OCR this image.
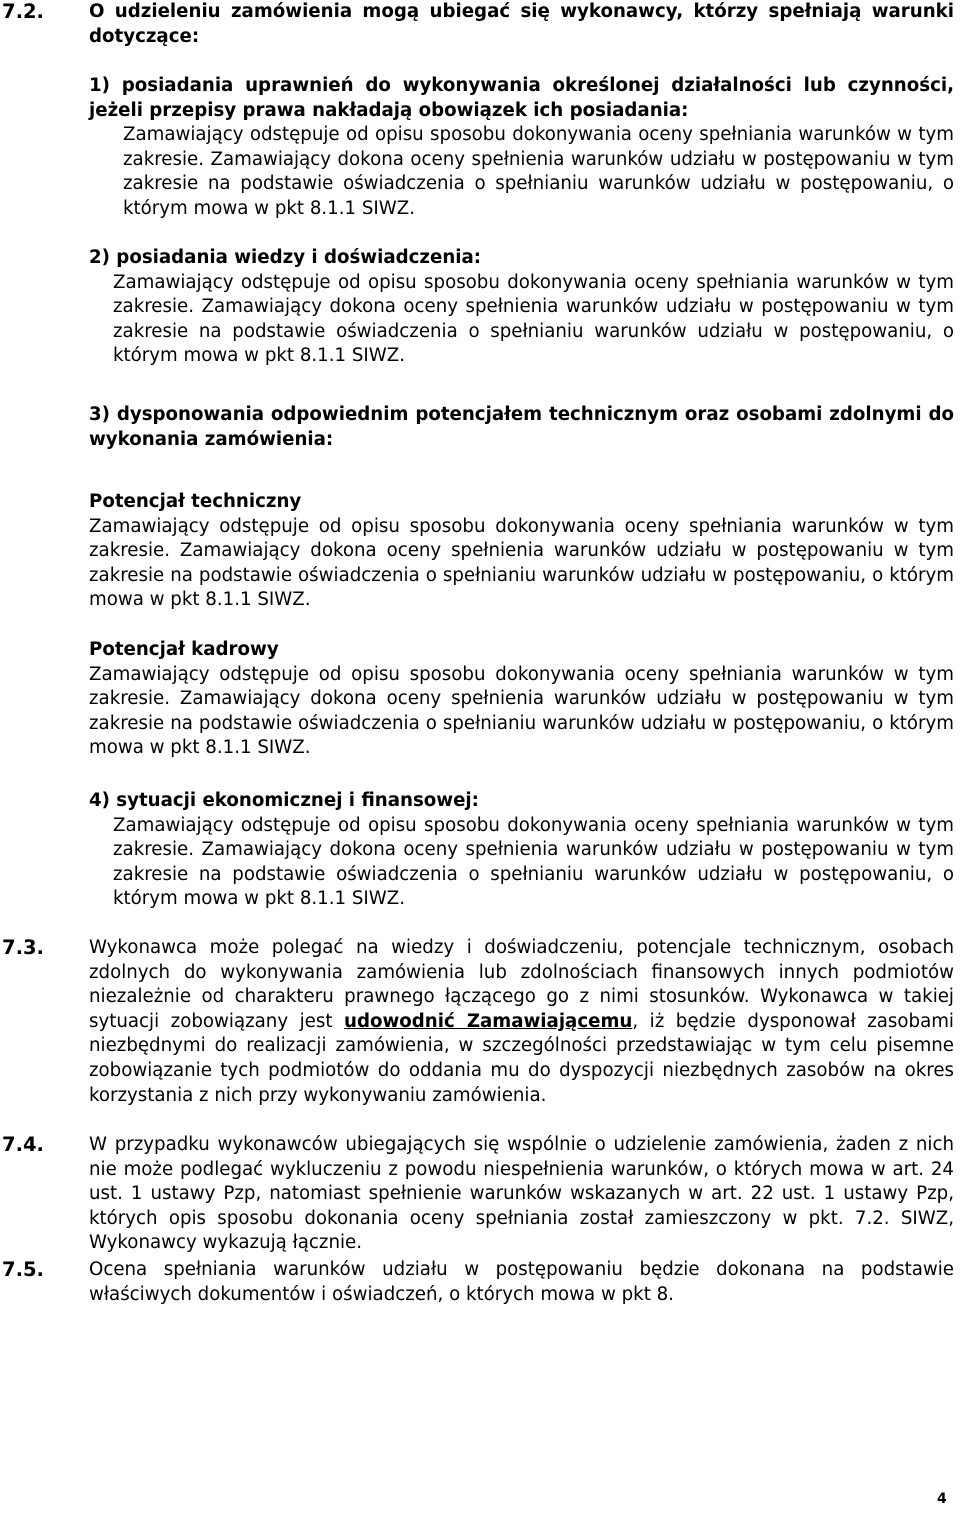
7.2. O udzieleniu zamówienia mogą ubiegać się wykonawcy, którzy spełniają warunki dotyczące:
1) posiadania uprawnień do wykonywania określonej działalności lub czynności, jeżeli przepisy prawa nakładają obowiązek ich posiadania:
Zamawiający odstępuje od opisu sposobu dokonywania oceny spełniania warunków w tym zakresie. Zamawiający dokona oceny spełnienia warunków udziału w postępowaniu w tym zakresie na podstawie oświadczenia o spełnianiu warunków udziału w postępowaniu, o którym mowa w pkt 8.1.1 SIWZ.
2) posiadania wiedzy i doświadczenia:
Zamawiający odstępuje od opisu sposobu dokonywania oceny spełniania warunków w tym zakresie. Zamawiający dokona oceny spełnienia warunków udziału w postępowaniu w tym zakresie na podstawie oświadczenia o spełnianiu warunków udziału w postępowaniu, o którym mowa w pkt 8.1.1 SIWZ.
3) dysponowania odpowiednim potencjałem technicznym oraz osobami zdolnymi do wykonania zamówienia:
Potencjał techniczny
Zamawiający odstępuje od opisu sposobu dokonywania oceny spełniania warunków w tym zakresie. Zamawiający dokona oceny spełnienia warunków udziału w postępowaniu w tym zakresie na podstawie oświadczenia o spełnianiu warunków udziału w postępowaniu, o którym mowa w pkt 8.1.1 SIWZ.
Potencjał kadrowy
Zamawiający odstępuje od opisu sposobu dokonywania oceny spełniania warunków w tym zakresie. Zamawiający dokona oceny spełnienia warunków udziału w postępowaniu w tym zakresie na podstawie oświadczenia o spełnianiu warunków udziału w postępowaniu, o którym mowa w pkt 8.1.1 SIWZ.
4) sytuacji ekonomicznej i finansowej:
Zamawiający odstępuje od opisu sposobu dokonywania oceny spełniania warunków w tym zakresie. Zamawiający dokona oceny spełnienia warunków udziału w postępowaniu w tym zakresie na podstawie oświadczenia o spełnianiu warunków udziału w postępowaniu, o którym mowa w pkt 8.1.1 SIWZ.
7.3. Wykonawca może polegać na wiedzy i doświadczeniu, potencjale technicznym, osobach zdolnych do wykonywania zamówienia lub zdolnościach finansowych innych podmiotów niezależnie od charakteru prawnego łączącego go z nimi stosunków. Wykonawca w takiej sytuacji zobowiązany jest udowodnić Zamawiającemu, iż będzie dysponował zasobami niezbędnymi do realizacji zamówienia, w szczególności przedstawiając w tym celu pisemne zobowiązanie tych podmiotów do oddania mu do dyspozycji niezbędnych zasobów na okres korzystania z nich przy wykonywaniu zamówienia.
7.4. W przypadku wykonawców ubiegających się wspólnie o udzielenie zamówienia, żaden z nich nie może podlegać wykluczeniu z powodu niespełnienia warunków, o których mowa w art. 24 ust. 1 ustawy Pzp, natomiast spełnienie warunków wskazanych w art. 22 ust. 1 ustawy Pzp, których opis sposobu dokonania oceny spełniania został zamieszczony w pkt. 7.2. SIWZ, Wykonawcy wykazują łącznie.
7.5. Ocena spełniania warunków udziału w postępowaniu będzie dokonana na podstawie właściwych dokumentów i oświadczeń, o których mowa w pkt 8.
4
